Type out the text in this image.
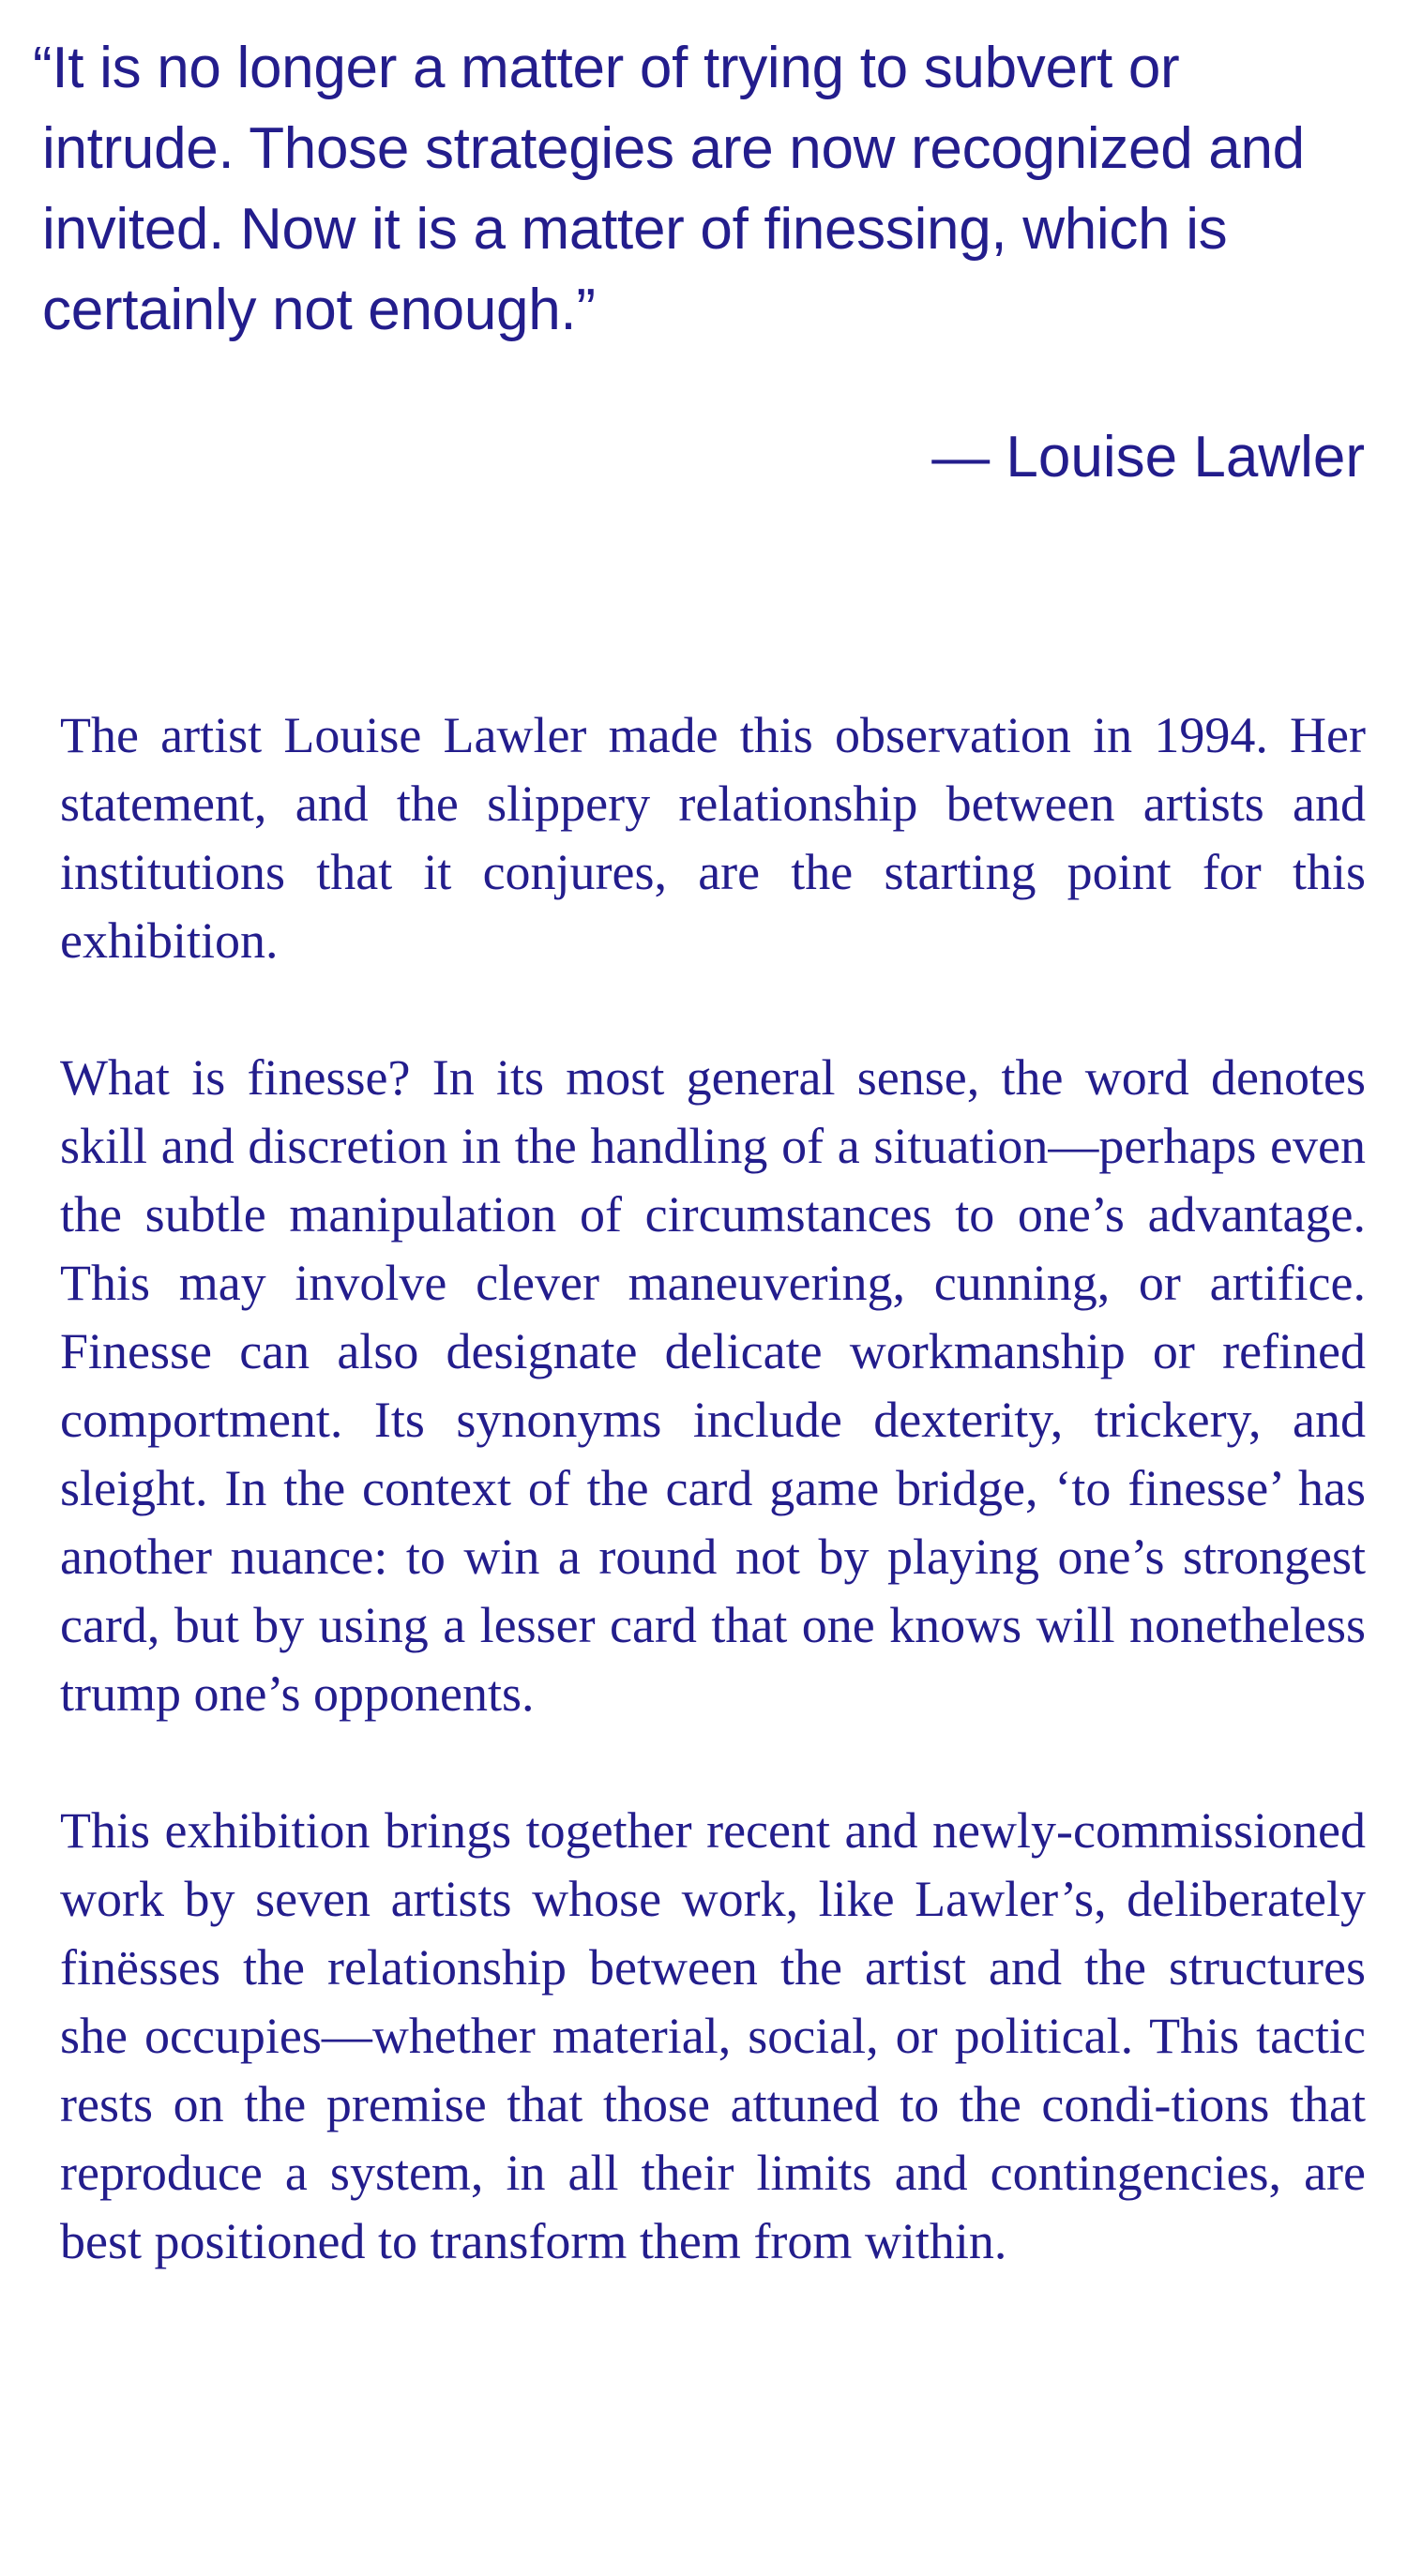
“It is no longer a matter of trying to subvert or intrude. Those strategies are now recognized and invited. Now it is a matter of finessing, which is certainly not enough.”

— Louise Lawler

The artist Louise Lawler made this observation in 1994. Her statement, and the slippery relationship between artists and institutions that it conjures, are the starting point for this exhibition.

What is finesse? In its most general sense, the word denotes skill and discretion in the handling of a situation—perhaps even the subtle manipulation of circumstances to one’s advantage. This may involve clever maneuvering, cunning, or artifice. Finesse can also designate delicate workmanship or refined comportment. Its synonyms include dexterity, trickery, and sleight. In the context of the card game bridge, ‘to finesse’ has another nuance: to win a round not by playing one’s strongest card, but by using a lesser card that one knows will nonetheless trump one’s opponents.

This exhibition brings together recent and newly-commissioned work by seven artists whose work, like Lawler’s, deliberately finësses the relationship between the artist and the structures she occupies—whether material, social, or political. This tactic rests on the premise that those attuned to the condi-tions that reproduce a system, in all their limits and contingencies, are best positioned to transform them from within.
